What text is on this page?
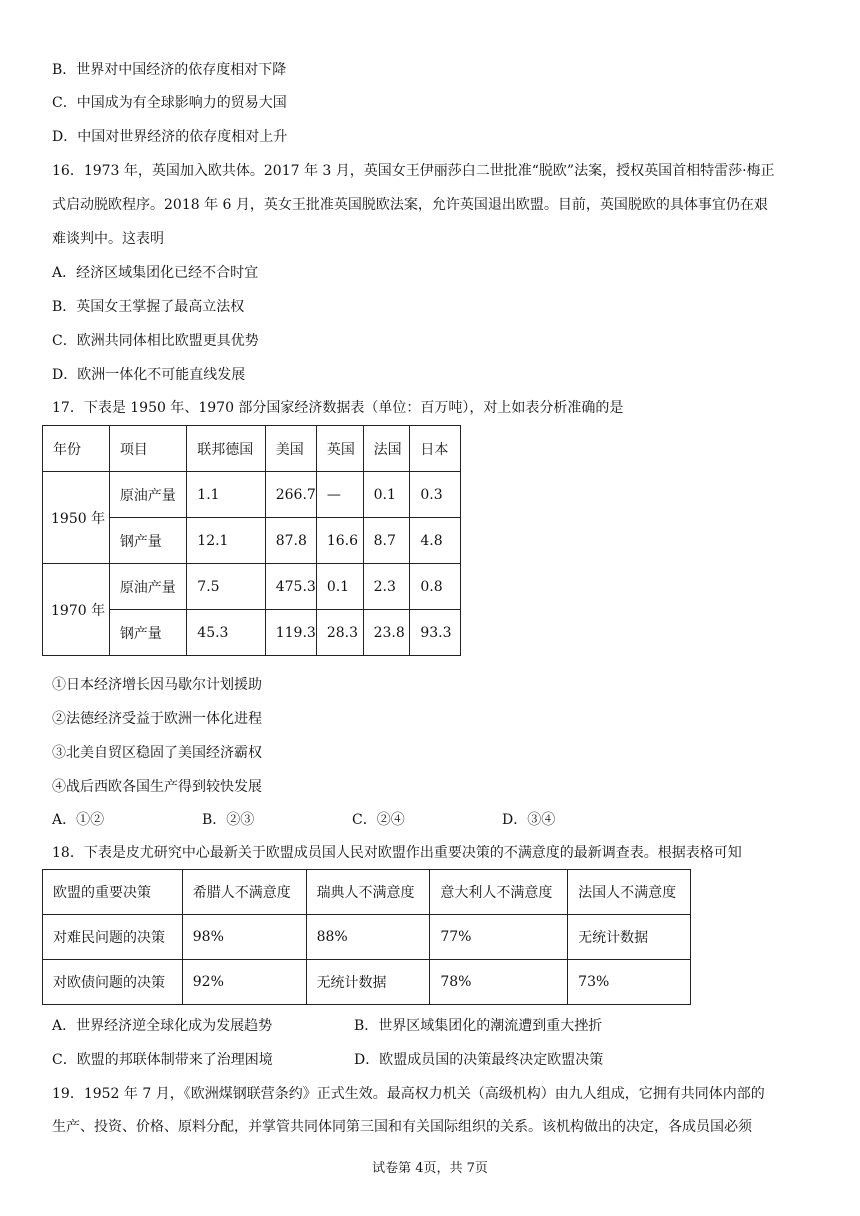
B．世界对中国经济的依存度相对下降
C．中国成为有全球影响力的贸易大国
D．中国对世界经济的依存度相对上升
16．1973 年，英国加入欧共体。2017 年 3 月，英国女王伊丽莎白二世批准“脱欧”法案，授权英国首相特雷莎·梅正
式启动脱欧程序。2018 年 6 月，英女王批准英国脱欧法案，允许英国退出欧盟。目前，英国脱欧的具体事宜仍在艰
难谈判中。这表明
A．经济区域集团化已经不合时宜
B．英国女王掌握了最高立法权
C．欧洲共同体相比欧盟更具优势
D．欧洲一体化不可能直线发展
17．下表是 1950 年、1970 部分国家经济数据表（单位：百万吨），对上如表分析准确的是
年份	项目	联邦德国	美国	英国	法国	日本
1950 年	原油产量	1.1	266.7	—	0.1	0.3
	钢产量	12.1	87.8	16.6	8.7	4.8
1970 年	原油产量	7.5	475.3	0.1	2.3	0.8
	钢产量	45.3	119.3	28.3	23.8	93.3
①日本经济增长因马歇尔计划援助
②法德经济受益于欧洲一体化进程
③北美自贸区稳固了美国经济霸权
④战后西欧各国生产得到较快发展
A．①②	B．②③	C．②④	D．③④
18．下表是皮尤研究中心最新关于欧盟成员国人民对欧盟作出重要决策的不满意度的最新调查表。根据表格可知
欧盟的重要决策	希腊人不满意度	瑞典人不满意度	意大利人不满意度	法国人不满意度
对难民问题的决策	98%	88%	77%	无统计数据
对欧债问题的决策	92%	无统计数据	78%	73%
A．世界经济逆全球化成为发展趋势	B．世界区域集团化的潮流遭到重大挫折
C．欧盟的邦联体制带来了治理困境	D．欧盟成员国的决策最终决定欧盟决策
19．1952 年 7 月，《欧洲煤钢联营条约》正式生效。最高权力机关（高级机构）由九人组成，它拥有共同体内部的
生产、投资、价格、原料分配，并掌管共同体同第三国和有关国际组织的关系。该机构做出的决定，各成员国必须
试卷第 4页，共 7页
